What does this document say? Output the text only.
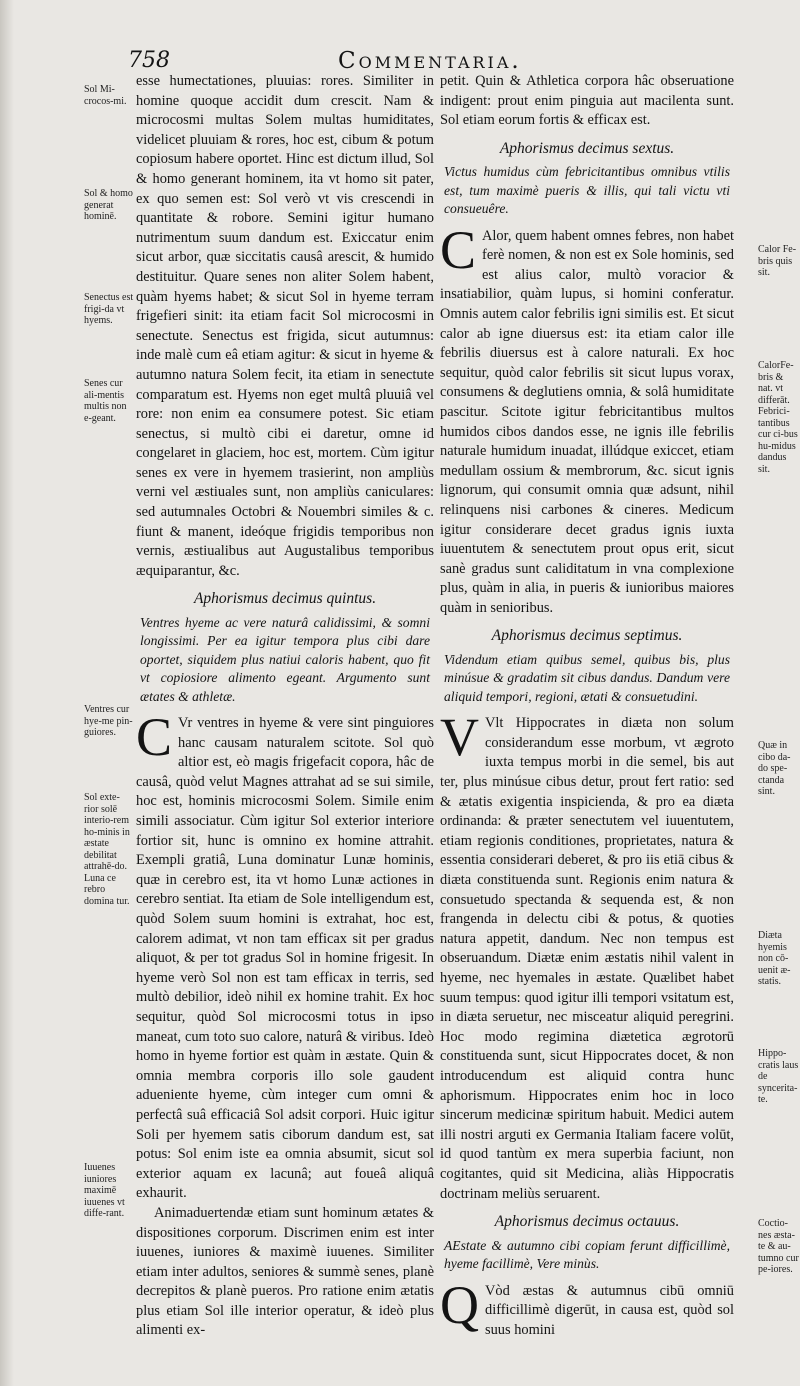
758	Commentaria.
Sol Mi-crocos-mi.
Sol & homo generat hominē.
Senectus est frigi-da vt hyems.
Senes cur ali-mentis multis non e-geant.
Ventres cur hye-me pin-guiores.
Sol exte-rior solē interio-rem ho-minis in æstate debilitat attrahē-do. Luna ce rebro domina tur.
Iuuenes iuniores maximē iuuenes vt diffe-rant.
Calor Fe-bris quis sit.
CalorFe-bris & nat. vt differāt. Febrici-tantibus cur ci-bus hu-midus dandus sit.
Quæ in cibo da-do spe-ctanda sint.
Diæta hyemis non cō-uenit æ-statis.
Hippo-cratis laus de syncerita-te.
Coctio-nes æsta-te & au-tumno cur pe-iores.

esse humectationes, pluuias: rores. Similiter in homine quoque accidit dum crescit. Nam & microcosmi multas Solem multas humiditates, videlicet pluuiam & rores, hoc est, cibum & potum copiosum habere oportet. Hinc est dictum illud, Sol & homo generant hominem, ita vt homo sit pater, ex quo semen est: Sol verò vt vis crescendi in quantitate & robore. Semini igitur humano nutrimentum suum dandum est. Exiccatur enim sicut arbor, quæ siccitatis causâ arescit, & humido destituitur. Quare senes non aliter Solem habent, quàm hyems habet; & sicut Sol in hyeme terram frigefieri sinit: ita etiam facit Sol microcosmi in senectute. Senectus est frigida, sicut autumnus: inde malè cum eâ etiam agitur: & sicut in hyeme & autumno natura Solem fecit, ita etiam in senectute comparatum est. Hyems non eget multâ pluuiâ vel rore: non enim ea consumere potest. Sic etiam senectus, si multò cibi ei daretur, omne id congelaret in glaciem, hoc est, mortem. Cùm igitur senes ex vere in hyemem trasierint, non ampliùs verni vel æstiuales sunt, non ampliùs caniculares: sed autumnales Octobri & Nouembri similes & c. fiunt & manent, ideóque frigidis temporibus non vernis, æstiualibus aut Augustalibus temporibus æquiparantur, &c.

Aphorismus decimus quintus.

Ventres hyeme ac vere naturâ calidissimi, & somni longissimi. Per ea igitur tempora plus cibi dare oportet, siquidem plus natiui caloris habent, quo fit vt copiosiore alimento egeant. Argumento sunt ætates & athletæ.

C Vr ventres in hyeme & vere sint pinguiores hanc causam naturalem scitote. Sol quò altior est, eò magis frigefacit copora, hâc de causâ, quòd velut Magnes attrahat ad se sui simile, hoc est, hominis microcosmi Solem. Simile enim simili associatur. Cùm igitur Sol exterior interiore fortior sit, hunc is omnino ex homine attrahit. Exempli gratiâ, Luna dominatur Lunæ hominis, quæ in cerebro est, ita vt homo Lunæ actiones in cerebro sentiat. Ita etiam de Sole intelligendum est, quòd Solem suum homini is extrahat, hoc est, calorem adimat, vt non tam efficax sit per gradus aliquot, & per tot gradus Sol in homine frigesit. In hyeme verò Sol non est tam efficax in terris, sed multò debilior, ideò nihil ex homine trahit. Ex hoc sequitur, quòd Sol microcosmi totus in ipso maneat, cum toto suo calore, naturâ & viribus. Ideò homo in hyeme fortior est quàm in æstate. Quin & omnia membra corporis illo sole gaudent adueniente hyeme, cùm integer cum omni & perfectâ suâ efficaciâ Sol adsit corpori. Huic igitur Soli per hyemem satis ciborum dandum est, sat potus: Sol enim iste ea omnia absumit, sicut sol exterior aquam ex lacunâ; aut foueâ aliquâ exhaurit.

Animaduertendæ etiam sunt hominum ætates & dispositiones corporum. Discrimen enim est inter iuuenes, iuniores & maximè iuuenes. Similiter etiam inter adultos, seniores & summè senes, planè decrepitos & planè pueros. Pro ratione enim ætatis plus etiam Sol ille interior operatur, & ideò plus alimenti ex-

petit. Quin & Athletica corpora hâc obseruatione indigent: prout enim pinguia aut macilenta sunt. Sol etiam eorum fortis & efficax est.

Aphorismus decimus sextus.

Victus humidus cùm febricitantibus omnibus vtilis est, tum maximè pueris & illis, qui tali victu vti consueuêre.

C Alor, quem habent omnes febres, non habet ferè nomen, & non est ex Sole hominis, sed est alius calor, multò voracior & insatiabilior, quàm lupus, si homini conferatur. Omnis autem calor febrilis igni similis est. Et sicut calor ab igne diuersus est: ita etiam calor ille febrilis diuersus est à calore naturali. Ex hoc sequitur, quòd calor febrilis sit sicut lupus vorax, consumens & deglutiens omnia, & solâ humiditate pascitur. Scitote igitur febricitantibus multos humidos cibos dandos esse, ne ignis ille febrilis naturale humidum inuadat, illúdque exiccet, etiam medullam ossium & membrorum, &c. sicut ignis lignorum, qui consumit omnia quæ adsunt, nihil relinquens nisi carbones & cineres. Medicum igitur considerare decet gradus ignis iuxta iuuentutem & senectutem prout opus erit, sicut sanè gradus sunt caliditatum in vna complexione plus, quàm in alia, in pueris & iunioribus maiores quàm in senioribus.

Aphorismus decimus septimus.

Videndum etiam quibus semel, quibus bis, plus minúsue & gradatim sit cibus dandus. Dandum vere aliquid tempori, regioni, ætati & consuetudini.

V Vlt Hippocrates in diæta non solum considerandum esse morbum, vt ægroto iuxta tempus morbi in die semel, bis aut ter, plus minúsue cibus detur, prout fert ratio: sed & ætatis exigentia inspicienda, & pro ea diæta ordinanda: & præter senectutem vel iuuentutem, etiam regionis conditiones, proprietates, natura & essentia considerari deberet, & pro iis etiā cibus & diæta constituenda sunt. Regionis enim natura & consuetudo spectanda & sequenda est, & non frangenda in delectu cibi & potus, & quoties natura appetit, dandum. Nec non tempus est obseruandum. Diætæ enim æstatis nihil valent in hyeme, nec hyemales in æstate. Quælibet habet suum tempus: quod igitur illi tempori vsitatum est, in diæta seruetur, nec misceatur aliquid peregrini. Hoc modo regimina diætetica ægrotorū constituenda sunt, sicut Hippocrates docet, & non introducendum est aliquid contra hunc aphorismum. Hippocrates enim hoc in loco sincerum medicinæ spiritum habuit. Medici autem illi nostri arguti ex Germania Italiam facere volūt, id quod tantùm ex mera superbia faciunt, non cogitantes, quid sit Medicina, aliàs Hippocratis doctrinam meliùs seruarent.

Aphorismus decimus octauus.

AEstate & autumno cibi copiam ferunt difficillimè, hyeme facillimè, Vere minùs.

Q Vòd æstas & autumnus cibū omniū difficillimè digerūt, in causa est, quòd sol suus homini
